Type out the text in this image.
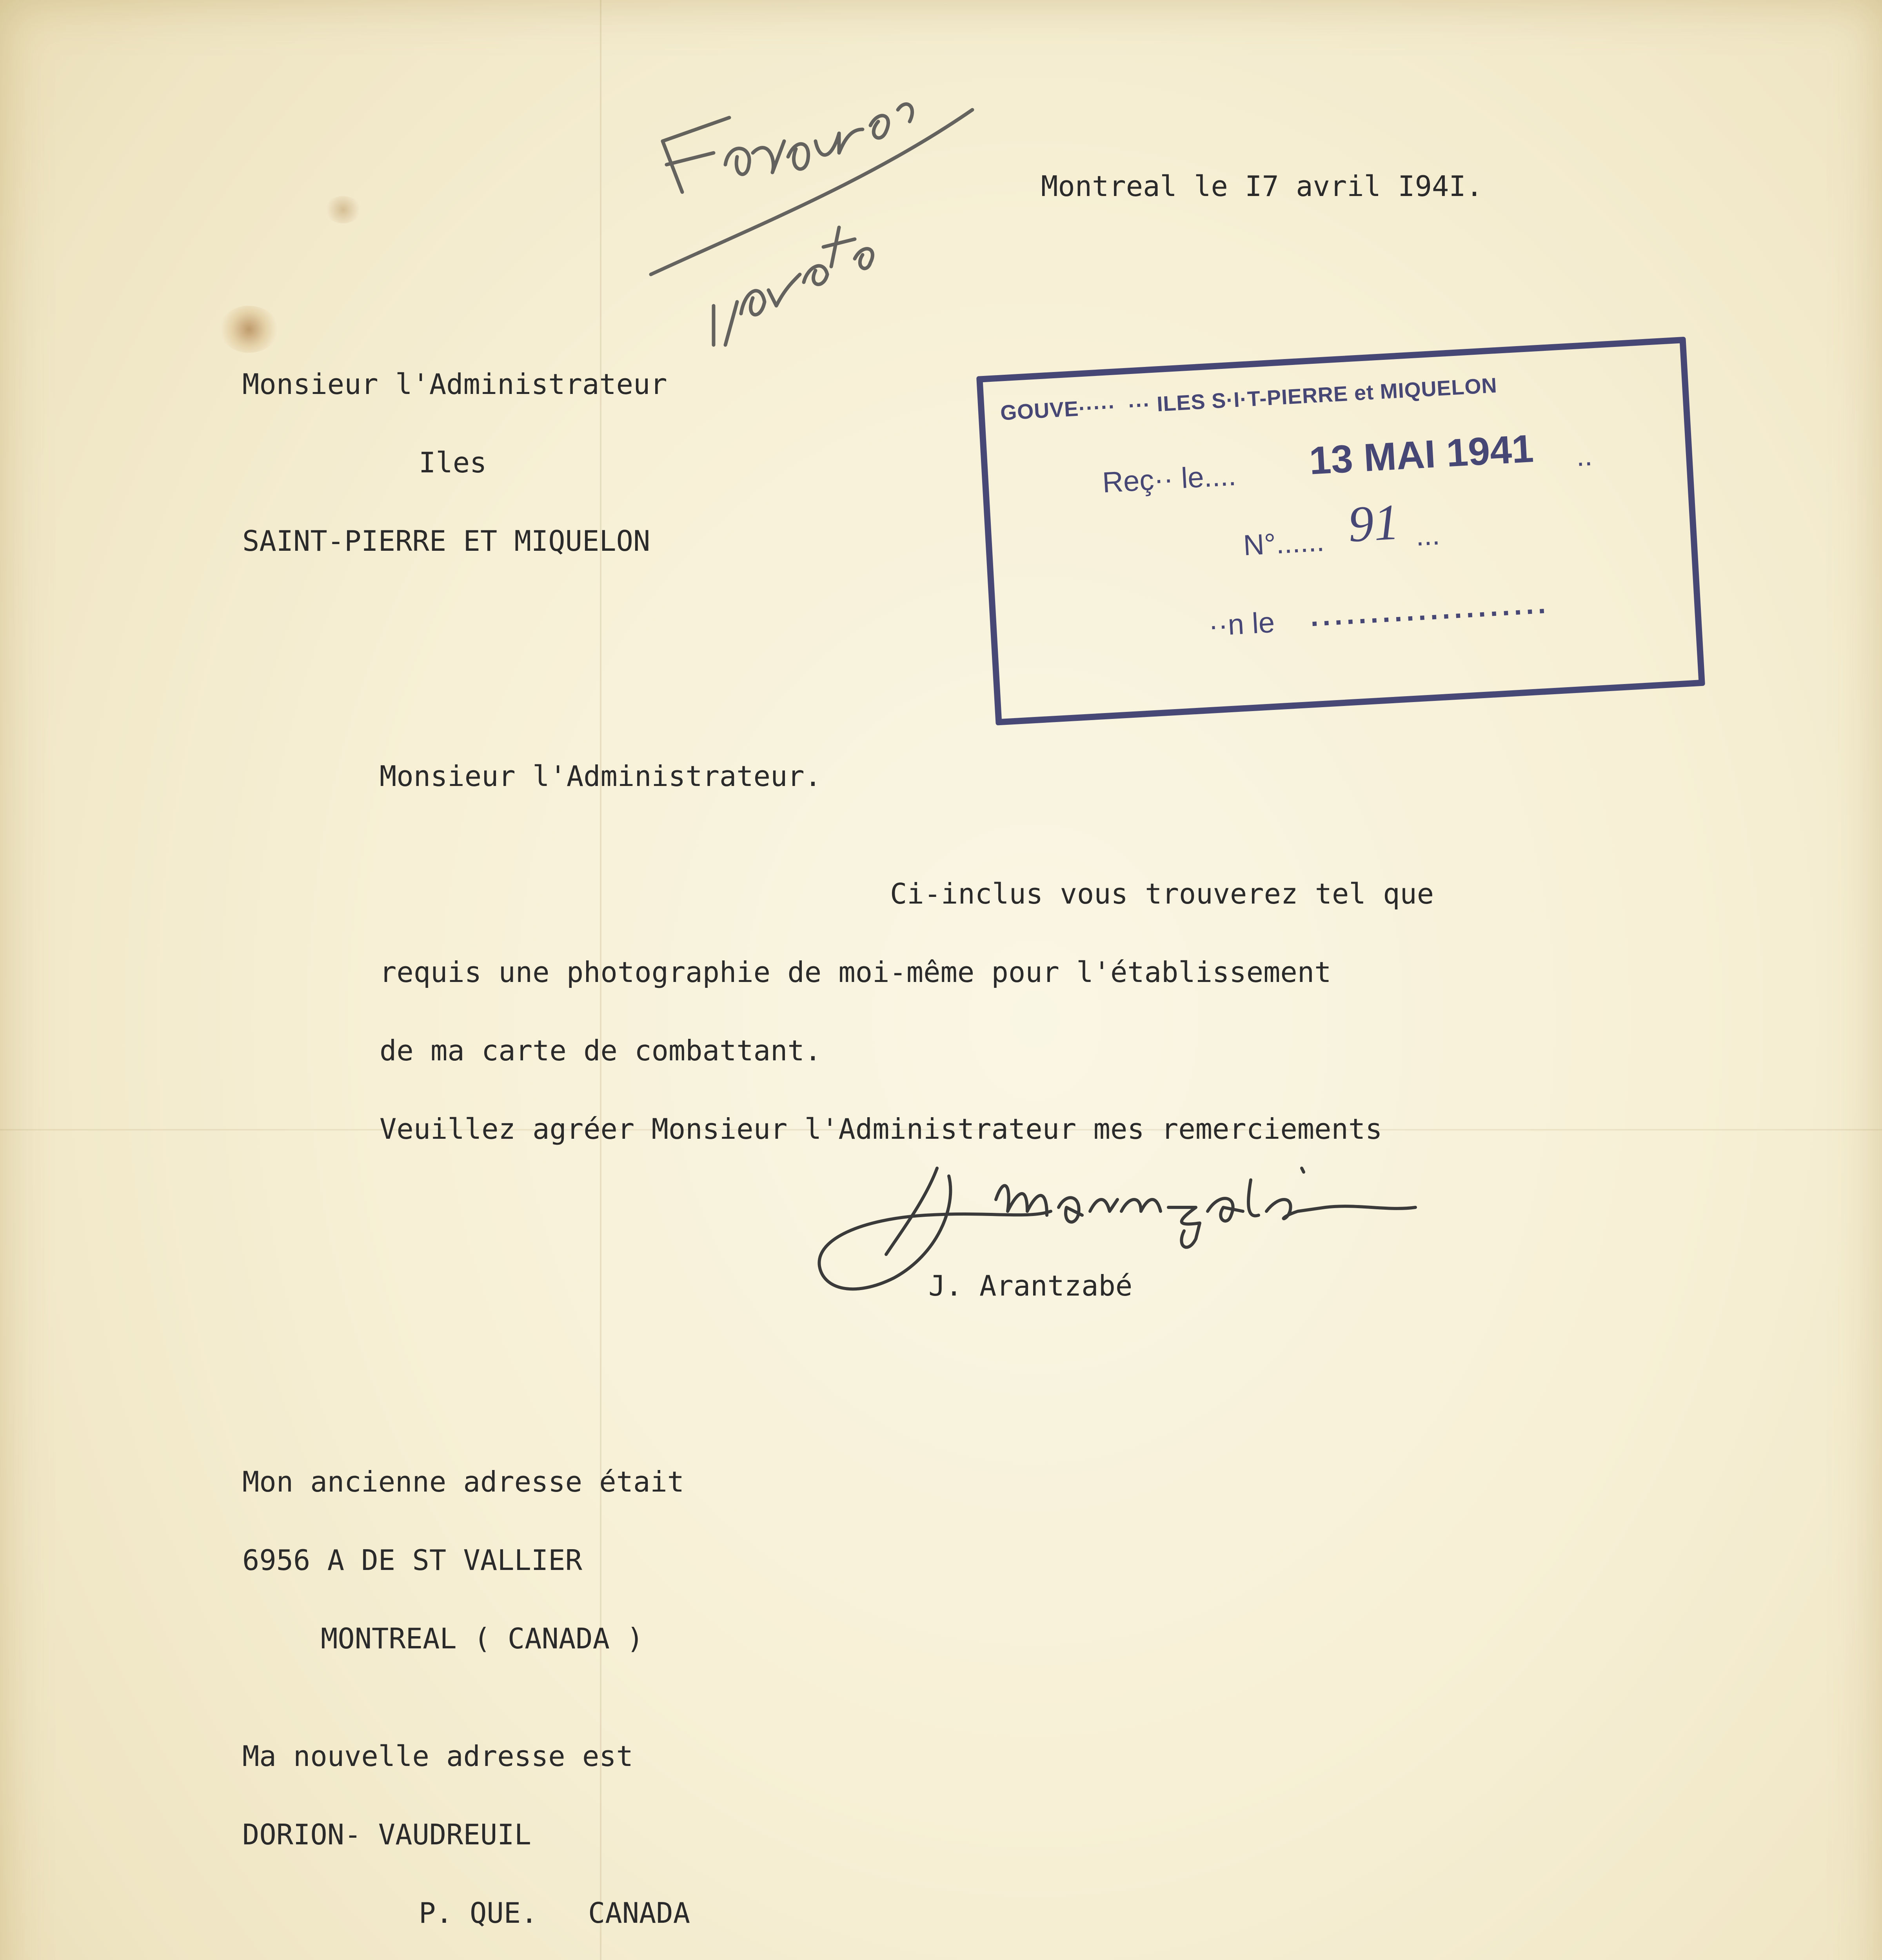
Montreal le I7 avril I94I.

Monsieur l'Administrateur

Iles

SAINT-PIERRE ET MIQUELON

Monsieur l'Administrateur.

Ci-inclus vous trouverez tel que

requis une photographie de moi-même pour l'établissement

de ma carte de combattant.

Veuillez agréer Monsieur l'Administrateur mes remerciements

J. Arantzabé

Mon ancienne adresse était

6956 A DE ST VALLIER

MONTREAL ( CANADA )

Ma nouvelle adresse est

DORION- VAUDREUIL

P. QUE. CANADA

GOUVE·····  ··· ILES S·I·T-PIERRE et MIQUELON

Reç·· le.... 13 MAI 1941 ..

N°...... 91 ...

··n le ....................
